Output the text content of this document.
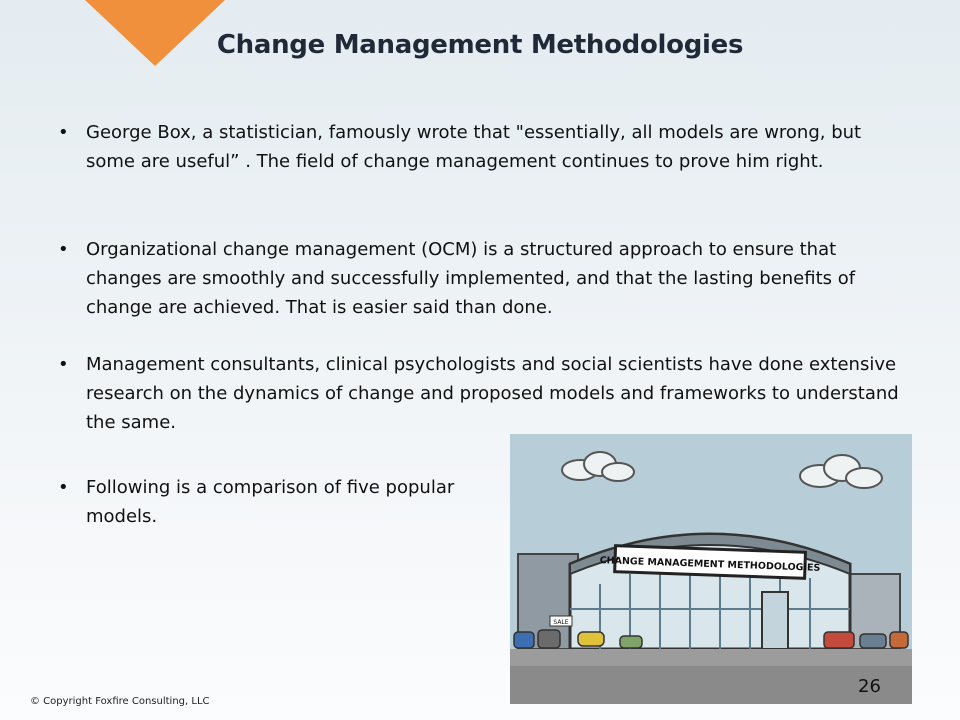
Change Management Methodologies
• George Box, a statistician, famously wrote that "essentially, all models are wrong, but some are useful” . The field of change management continues to prove him right.
• Organizational change management (OCM) is a structured approach to ensure that changes are smoothly and successfully implemented, and that the lasting benefits of change are achieved. That is easier said than done.
• Management consultants, clinical psychologists and social scientists have done extensive research on the dynamics of change and proposed models and frameworks to understand the same.
• Following is a comparison of five popular models.
CHANGE MANAGEMENT METHODOLOGIES
SALE
26
© Copyright Foxfire Consulting, LLC
